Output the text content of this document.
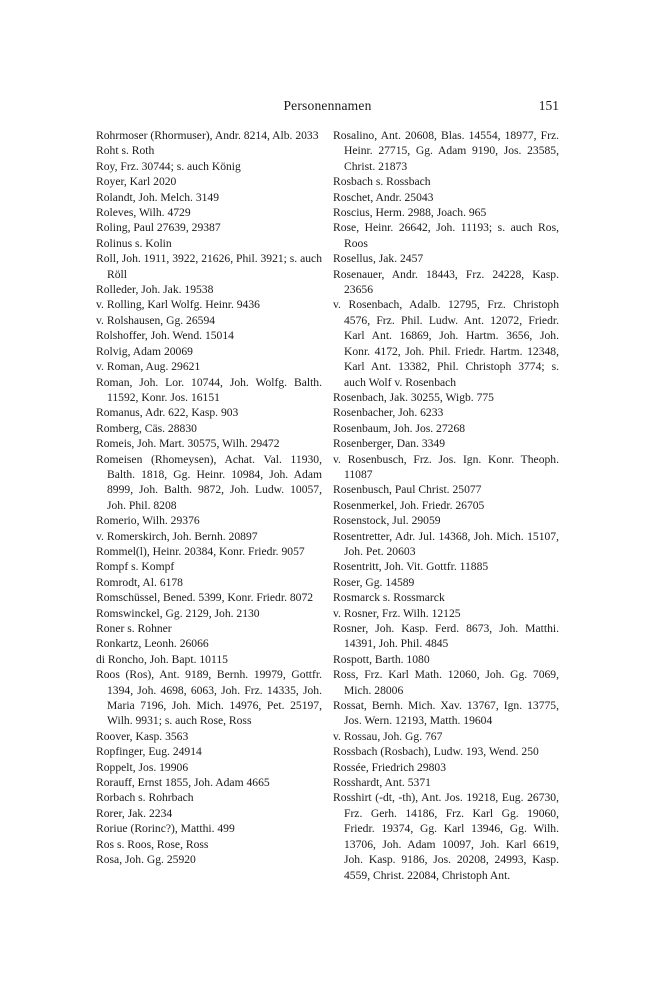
Personennamen	151
Rohrmoser (Rhormuser), Andr. 8214, Alb. 2033
Roht s. Roth
Roy, Frz. 30744; s. auch König
Royer, Karl 2020
Rolandt, Joh. Melch. 3149
Roleves, Wilh. 4729
Roling, Paul 27639, 29387
Rolinus s. Kolin
Roll, Joh. 1911, 3922, 21626, Phil. 3921; s. auch Röll
Rolleder, Joh. Jak. 19538
v. Rolling, Karl Wolfg. Heinr. 9436
v. Rolshausen, Gg. 26594
Rolshoffer, Joh. Wend. 15014
Rolvig, Adam 20069
v. Roman, Aug. 29621
Roman, Joh. Lor. 10744, Joh. Wolfg. Balth. 11592, Konr. Jos. 16151
Romanus, Adr. 622, Kasp. 903
Romberg, Cäs. 28830
Romeis, Joh. Mart. 30575, Wilh. 29472
Romeisen (Rhomeysen), Achat. Val. 11930, Balth. 1818, Gg. Heinr. 10984, Joh. Adam 8999, Joh. Balth. 9872, Joh. Ludw. 10057, Joh. Phil. 8208
Romerio, Wilh. 29376
v. Romerskirch, Joh. Bernh. 20897
Rommel(l), Heinr. 20384, Konr. Friedr. 9057
Rompf s. Kompf
Romrodt, Al. 6178
Romschüssel, Bened. 5399, Konr. Friedr. 8072
Romswinckel, Gg. 2129, Joh. 2130
Roner s. Rohner
Ronkartz, Leonh. 26066
di Roncho, Joh. Bapt. 10115
Roos (Ros), Ant. 9189, Bernh. 19979, Gottfr. 1394, Joh. 4698, 6063, Joh. Frz. 14335, Joh. Maria 7196, Joh. Mich. 14976, Pet. 25197, Wilh. 9931; s. auch Rose, Ross
Roover, Kasp. 3563
Ropfinger, Eug. 24914
Roppelt, Jos. 19906
Rorauff, Ernst 1855, Joh. Adam 4665
Rorbach s. Rohrbach
Rorer, Jak. 2234
Roriue (Rorinc?), Matthi. 499
Ros s. Roos, Rose, Ross
Rosa, Joh. Gg. 25920
Rosalino, Ant. 20608, Blas. 14554, 18977, Frz. Heinr. 27715, Gg. Adam 9190, Jos. 23585, Christ. 21873
Rosbach s. Rossbach
Roschet, Andr. 25043
Roscius, Herm. 2988, Joach. 965
Rose, Heinr. 26642, Joh. 11193; s. auch Ros, Roos
Rosellus, Jak. 2457
Rosenauer, Andr. 18443, Frz. 24228, Kasp. 23656
v. Rosenbach, Adalb. 12795, Frz. Christoph 4576, Frz. Phil. Ludw. Ant. 12072, Friedr. Karl Ant. 16869, Joh. Hartm. 3656, Joh. Konr. 4172, Joh. Phil. Friedr. Hartm. 12348, Karl Ant. 13382, Phil. Christoph 3774; s. auch Wolf v. Rosenbach
Rosenbach, Jak. 30255, Wigb. 775
Rosenbacher, Joh. 6233
Rosenbaum, Joh. Jos. 27268
Rosenberger, Dan. 3349
v. Rosenbusch, Frz. Jos. Ign. Konr. Theoph. 11087
Rosenbusch, Paul Christ. 25077
Rosenmerkel, Joh. Friedr. 26705
Rosenstock, Jul. 29059
Rosentretter, Adr. Jul. 14368, Joh. Mich. 15107, Joh. Pet. 20603
Rosentritt, Joh. Vit. Gottfr. 11885
Roser, Gg. 14589
Rosmarck s. Rossmarck
v. Rosner, Frz. Wilh. 12125
Rosner, Joh. Kasp. Ferd. 8673, Joh. Matthi. 14391, Joh. Phil. 4845
Rospott, Barth. 1080
Ross, Frz. Karl Math. 12060, Joh. Gg. 7069, Mich. 28006
Rossat, Bernh. Mich. Xav. 13767, Ign. 13775, Jos. Wern. 12193, Matth. 19604
v. Rossau, Joh. Gg. 767
Rossbach (Rosbach), Ludw. 193, Wend. 250
Rossée, Friedrich 29803
Rosshardt, Ant. 5371
Rosshirt (-dt, -th), Ant. Jos. 19218, Eug. 26730, Frz. Gerh. 14186, Frz. Karl Gg. 19060, Friedr. 19374, Gg. Karl 13946, Gg. Wilh. 13706, Joh. Adam 10097, Joh. Karl 6619, Joh. Kasp. 9186, Jos. 20208, 24993, Kasp. 4559, Christ. 22084, Christoph Ant.
